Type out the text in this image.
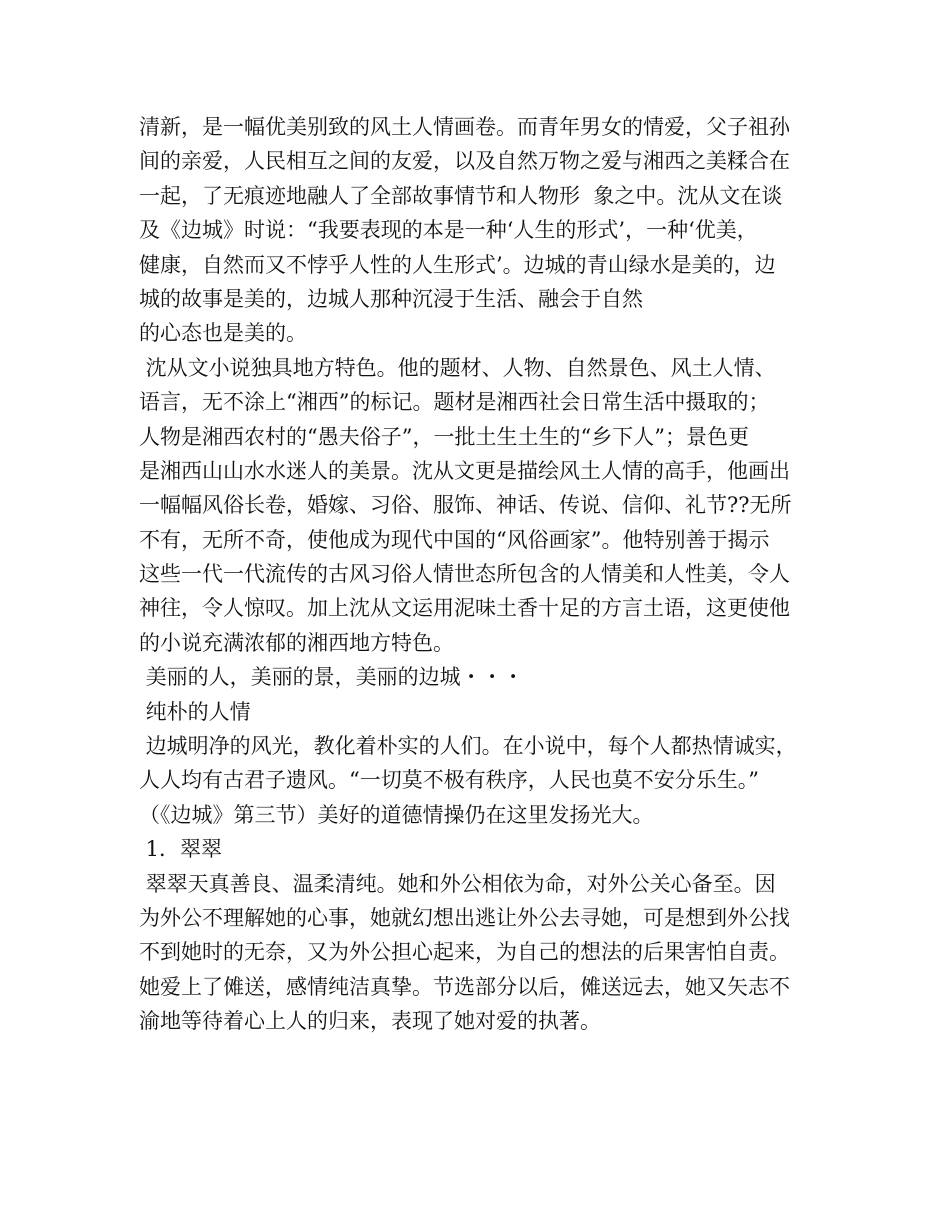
清新，是一幅优美别致的风土人情画卷。而青年男女的情爱，父子祖孙
间的亲爱，人民相互之间的友爱，以及自然万物之爱与湘西之美糅合在
一起，了无痕迹地融人了全部故事情节和人物形  象之中。沈从文在谈
及《边城》时说：“我要表现的本是一种‘人生的形式’，一种‘优美，
健康，自然而又不悖乎人性的人生形式’。边城的青山绿水是美的，边
城的故事是美的，边城人那种沉浸于生活、融会于自然
的心态也是美的。
沈从文小说独具地方特色。他的题材、人物、自然景色、风土人情、
语言，无不涂上“湘西”的标记。题材是湘西社会日常生活中摄取的；
人物是湘西农村的“愚夫俗子”，一批土生土生的“乡下人”；景色更
是湘西山山水水迷人的美景。沈从文更是描绘风土人情的高手，他画出
一幅幅风俗长卷，婚嫁、习俗、服饰、神话、传说、信仰、礼节??无所
不有，无所不奇，使他成为现代中国的“风俗画家”。他特别善于揭示
这些一代一代流传的古风习俗人情世态所包含的人情美和人性美，令人
神往，令人惊叹。加上沈从文运用泥味土香十足的方言土语，这更使他
的小说充满浓郁的湘西地方特色。
美丽的人，美丽的景，美丽的边城・・・
纯朴的人情
边城明净的风光，教化着朴实的人们。在小说中，每个人都热情诚实，
人人均有古君子遗风。“一切莫不极有秩序，人民也莫不安分乐生。”
（《边城》第三节）美好的道德情操仍在这里发扬光大。
1．翠翠
翠翠天真善良、温柔清纯。她和外公相依为命，对外公关心备至。因
为外公不理解她的心事，她就幻想出逃让外公去寻她，可是想到外公找
不到她时的无奈，又为外公担心起来，为自己的想法的后果害怕自责。
她爱上了傩送，感情纯洁真挚。节选部分以后，傩送远去，她又矢志不
渝地等待着心上人的归来，表现了她对爱的执著。
